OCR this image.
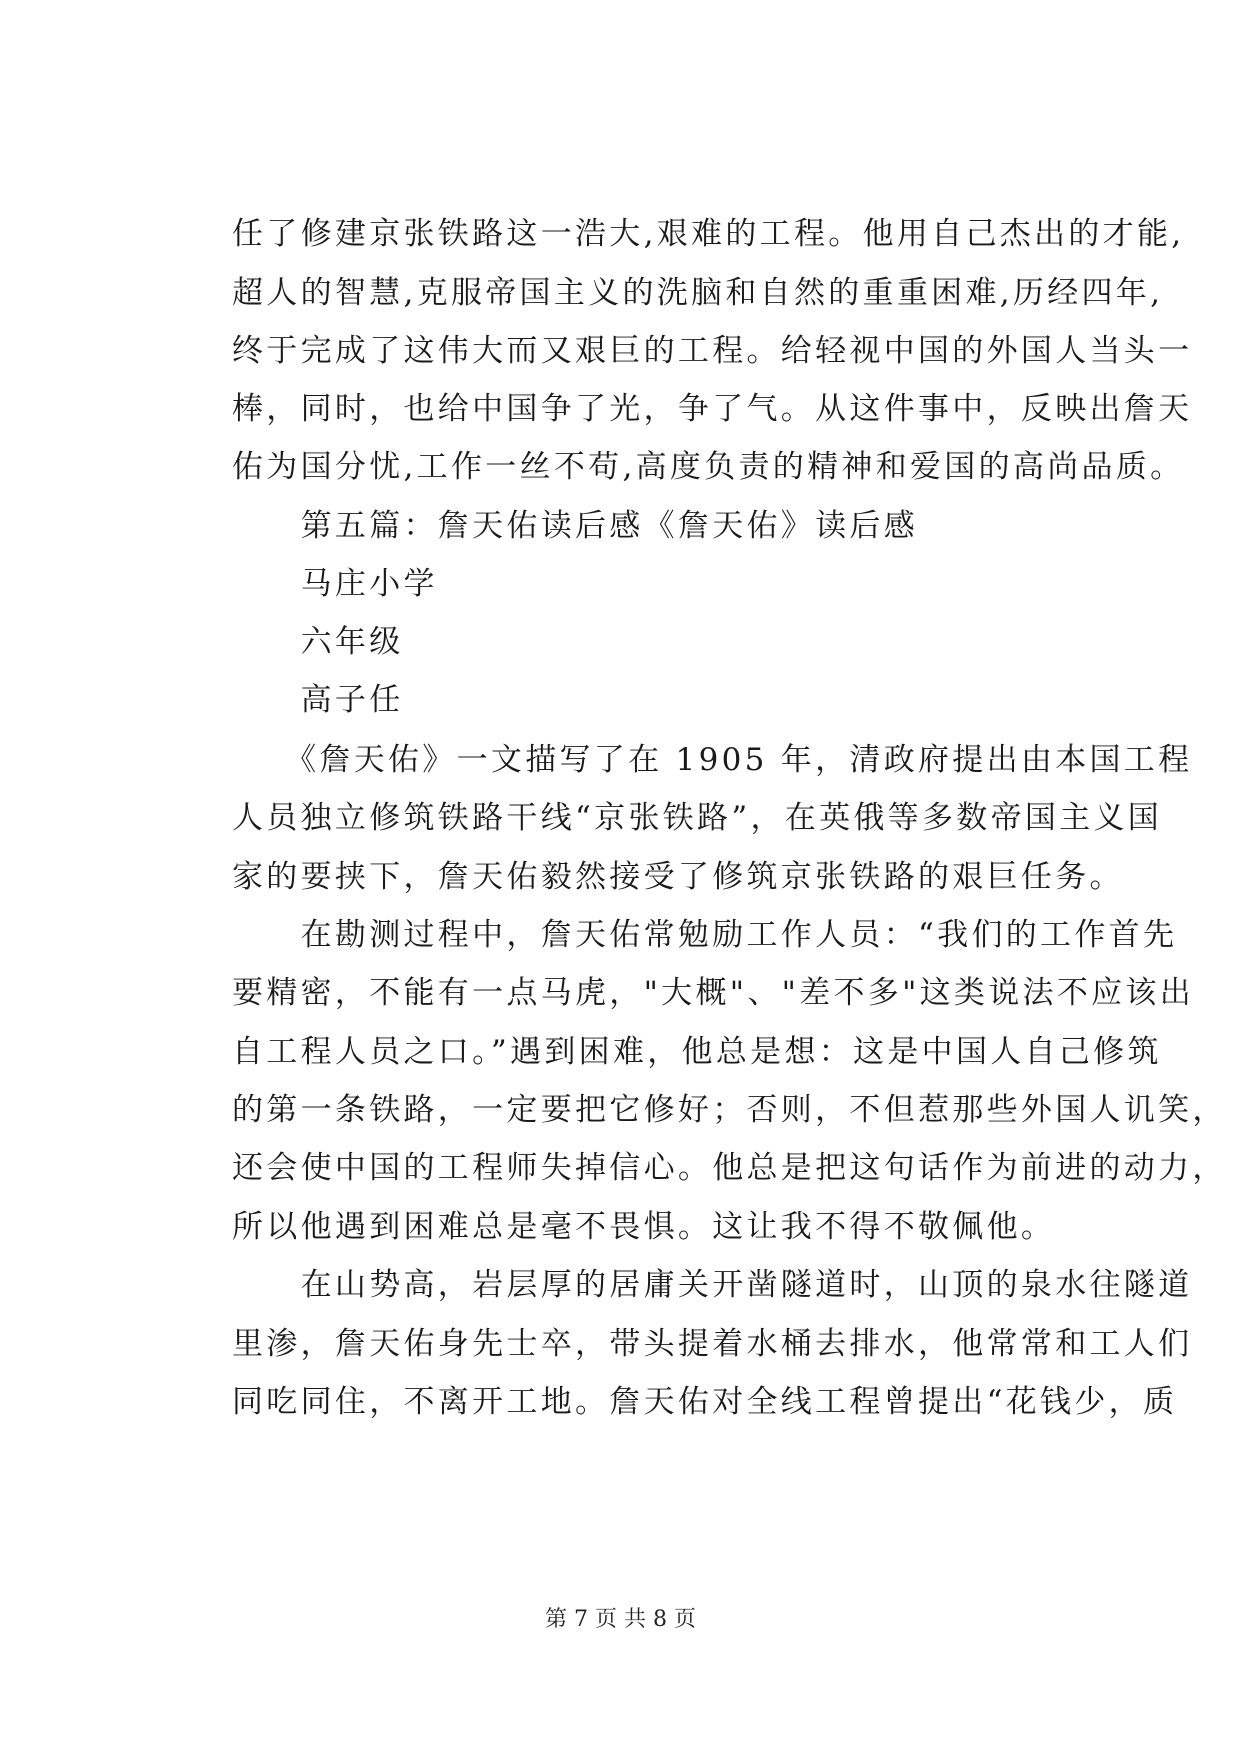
任了修建京张铁路这一浩大,艰难的工程。他用自己杰出的才能,
超人的智慧,克服帝国主义的洗脑和自然的重重困难,历经四年,
终于完成了这伟大而又艰巨的工程。给轻视中国的外国人当头一
棒，同时，也给中国争了光，争了气。从这件事中，反映出詹天
佑为国分忧,工作一丝不苟,高度负责的精神和爱国的高尚品质。
　　第五篇：詹天佑读后感《詹天佑》读后感
　　马庄小学
　　六年级
　　高子任
　　《詹天佑》一文描写了在 1905 年，清政府提出由本国工程
人员独立修筑铁路干线“京张铁路”，在英俄等多数帝国主义国
家的要挟下，詹天佑毅然接受了修筑京张铁路的艰巨任务。
　　在勘测过程中，詹天佑常勉励工作人员：“我们的工作首先
要精密，不能有一点马虎，"大概"、"差不多"这类说法不应该出
自工程人员之口。”遇到困难，他总是想：这是中国人自己修筑
的第一条铁路，一定要把它修好；否则，不但惹那些外国人讥笑，
还会使中国的工程师失掉信心。他总是把这句话作为前进的动力，
所以他遇到困难总是毫不畏惧。这让我不得不敬佩他。
　　在山势高，岩层厚的居庸关开凿隧道时，山顶的泉水往隧道
里渗，詹天佑身先士卒，带头提着水桶去排水，他常常和工人们
同吃同住，不离开工地。詹天佑对全线工程曾提出“花钱少，质
第 7 页 共 8 页
